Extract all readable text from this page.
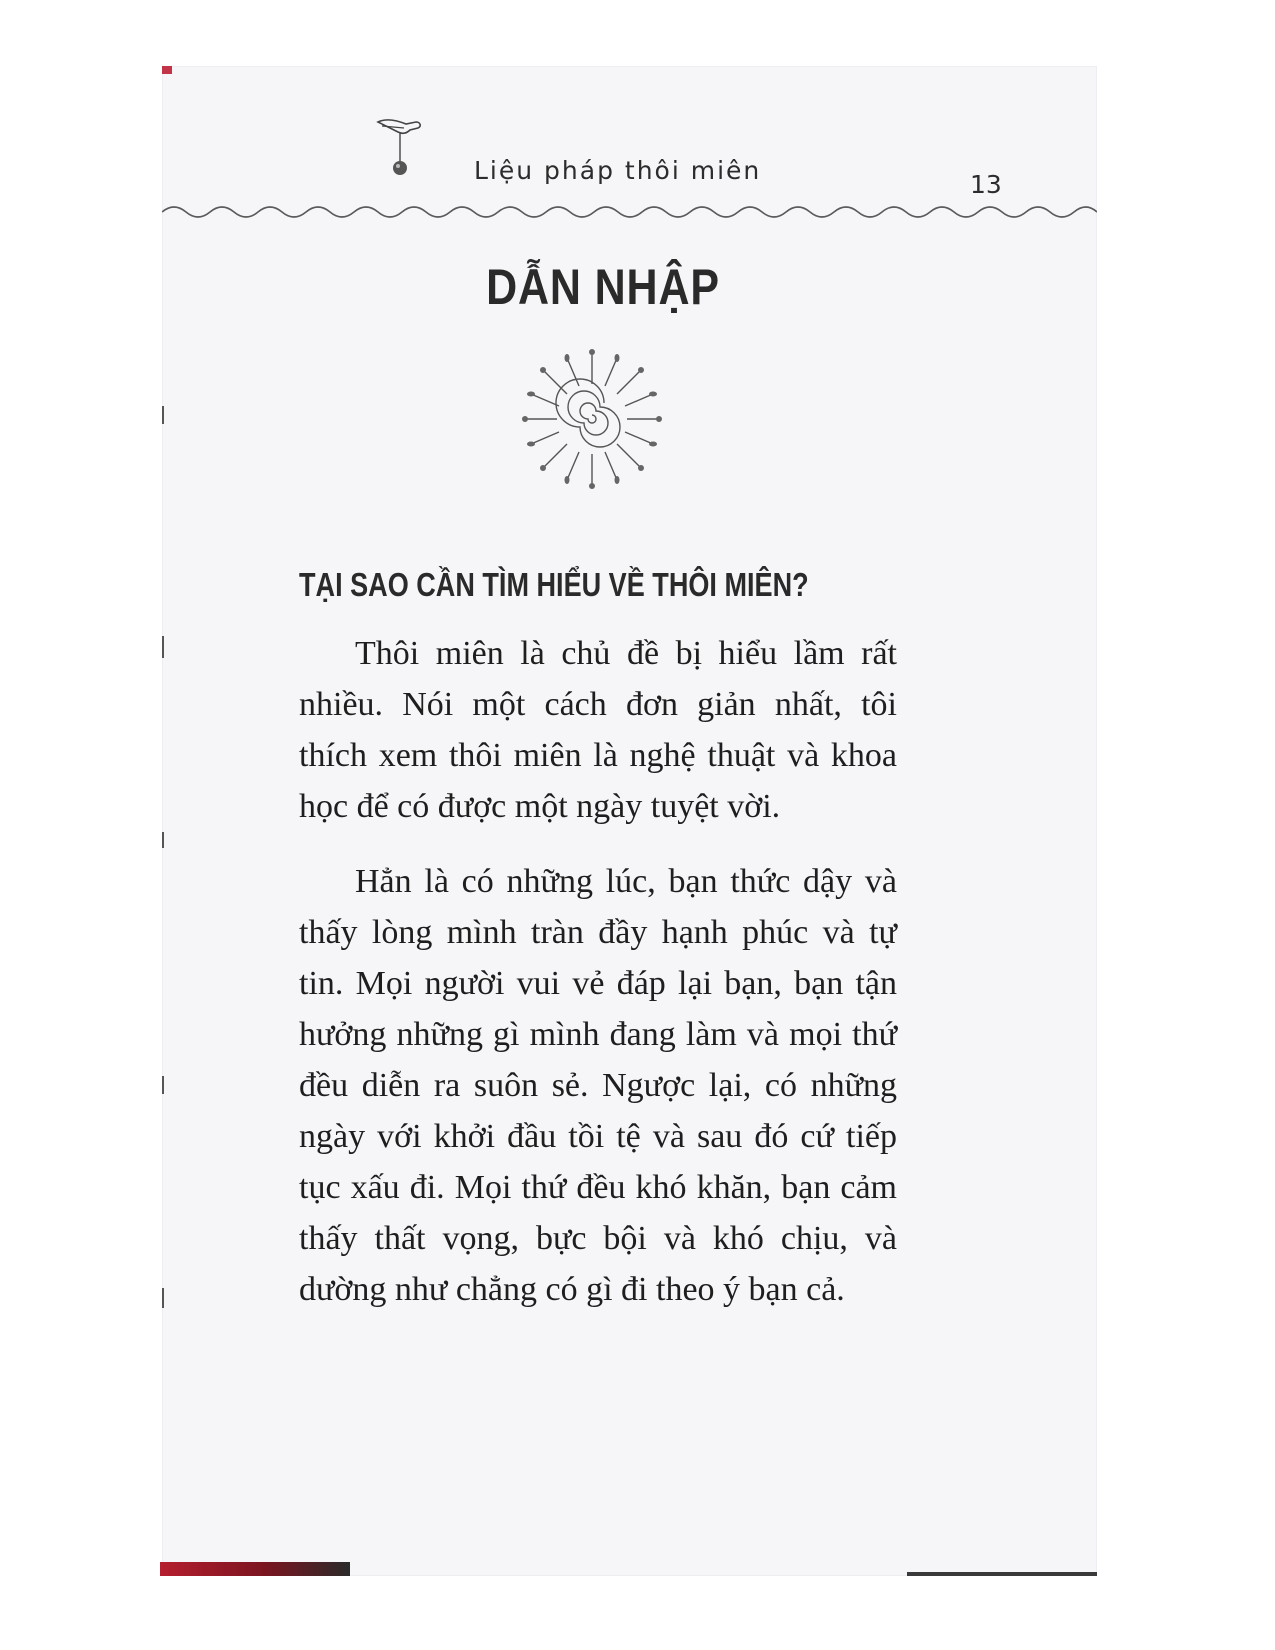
Liệu pháp thôi miên	13
DẪN NHẬP
TẠI SAO CẦN TÌM HIỂU VỀ THÔI MIÊN?

Thôi miên là chủ đề bị hiểu lầm rất nhiều. Nói một cách đơn giản nhất, tôi thích xem thôi miên là nghệ thuật và khoa học để có được một ngày tuyệt vời.

Hẳn là có những lúc, bạn thức dậy và thấy lòng mình tràn đầy hạnh phúc và tự tin. Mọi người vui vẻ đáp lại bạn, bạn tận hưởng những gì mình đang làm và mọi thứ đều diễn ra suôn sẻ. Ngược lại, có những ngày với khởi đầu tồi tệ và sau đó cứ tiếp tục xấu đi. Mọi thứ đều khó khăn, bạn cảm thấy thất vọng, bực bội và khó chịu, và dường như chẳng có gì đi theo ý bạn cả.
